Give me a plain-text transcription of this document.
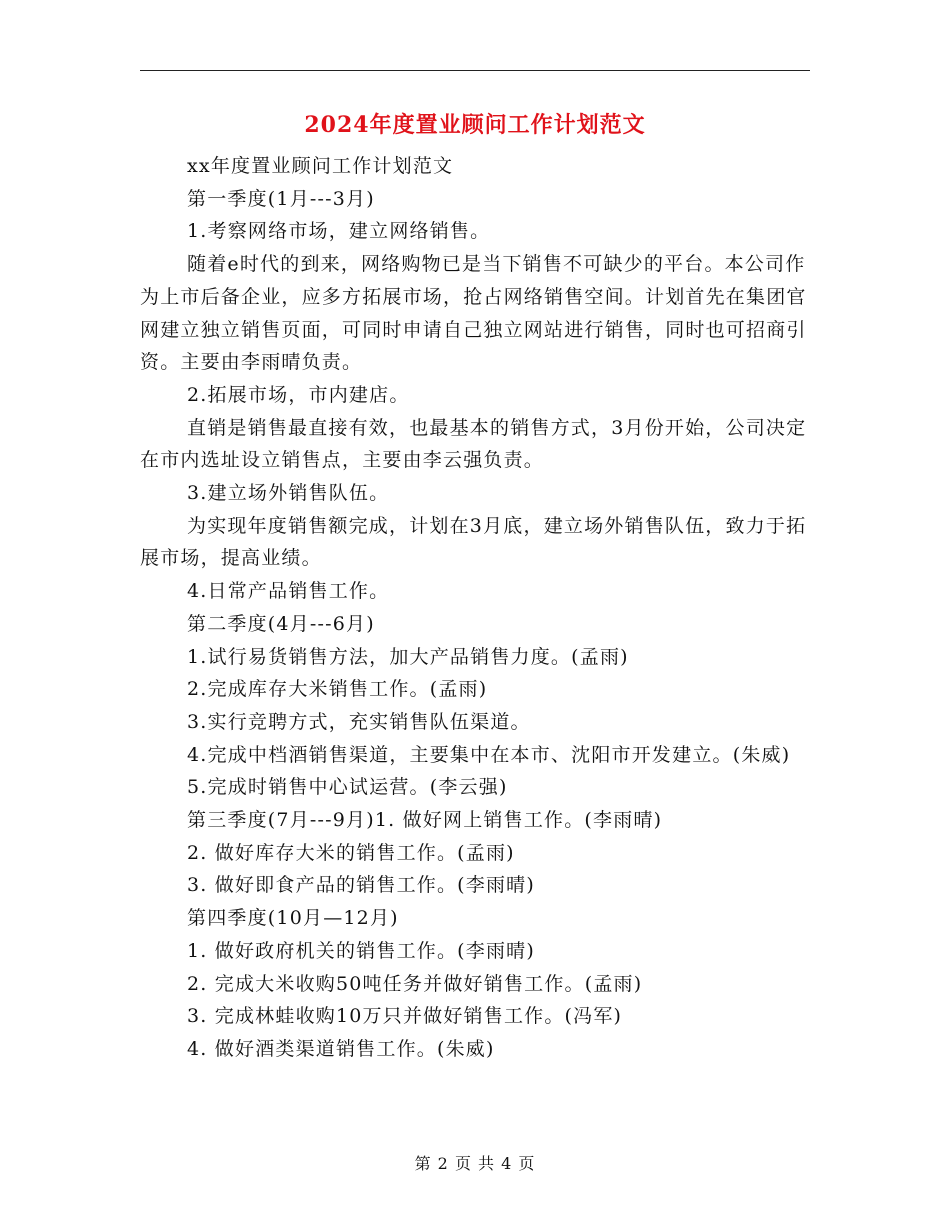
2024年度置业顾问工作计划范文

xx年度置业顾问工作计划范文

第一季度(1月---3月)

1.考察网络市场，建立网络销售。

随着e时代的到来，网络购物已是当下销售不可缺少的平台。本公司作为上市后备企业，应多方拓展市场，抢占网络销售空间。计划首先在集团官网建立独立销售页面，可同时申请自己独立网站进行销售，同时也可招商引资。主要由李雨晴负责。

2.拓展市场，市内建店。

直销是销售最直接有效，也最基本的销售方式，3月份开始，公司决定在市内选址设立销售点，主要由李云强负责。

3.建立场外销售队伍。

为实现年度销售额完成，计划在3月底，建立场外销售队伍，致力于拓展市场，提高业绩。

4.日常产品销售工作。

第二季度(4月---6月)

1.试行易货销售方法，加大产品销售力度。(孟雨)

2.完成库存大米销售工作。(孟雨)

3.实行竞聘方式，充实销售队伍渠道。

4.完成中档酒销售渠道，主要集中在本市、沈阳市开发建立。(朱威)

5.完成时销售中心试运营。(李云强)

第三季度(7月---9月)1. 做好网上销售工作。(李雨晴)

2. 做好库存大米的销售工作。(孟雨)

3. 做好即食产品的销售工作。(李雨晴)

第四季度(10月—12月)

1. 做好政府机关的销售工作。(李雨晴)

2. 完成大米收购50吨任务并做好销售工作。(孟雨)

3. 完成林蛙收购10万只并做好销售工作。(冯军)

4. 做好酒类渠道销售工作。(朱威)

第 2 页 共 4 页
